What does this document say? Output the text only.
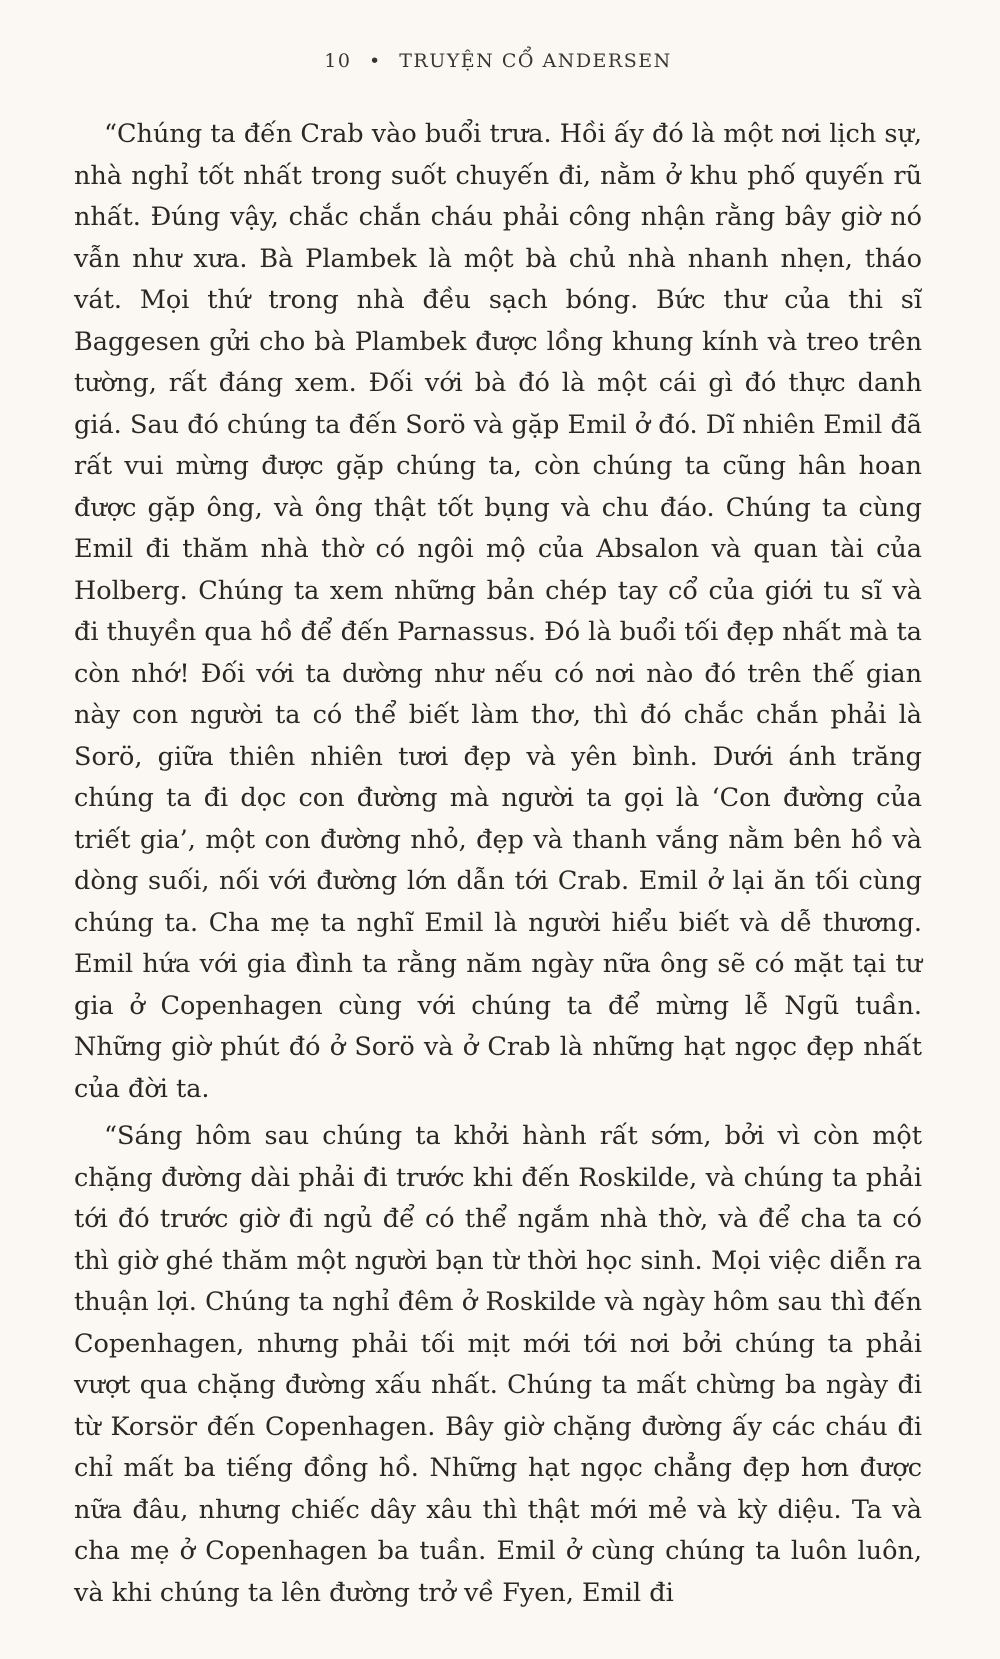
10 • TRUYỆN CỔ ANDERSEN

“Chúng ta đến Crab vào buổi trưa. Hồi ấy đó là một nơi lịch sự, nhà nghỉ tốt nhất trong suốt chuyến đi, nằm ở khu phố quyến rũ nhất. Đúng vậy, chắc chắn cháu phải công nhận rằng bây giờ nó vẫn như xưa. Bà Plambek là một bà chủ nhà nhanh nhẹn, tháo vát. Mọi thứ trong nhà đều sạch bóng. Bức thư của thi sĩ Baggesen gửi cho bà Plambek được lồng khung kính và treo trên tường, rất đáng xem. Đối với bà đó là một cái gì đó thực danh giá. Sau đó chúng ta đến Sorö và gặp Emil ở đó. Dĩ nhiên Emil đã rất vui mừng được gặp chúng ta, còn chúng ta cũng hân hoan được gặp ông, và ông thật tốt bụng và chu đáo. Chúng ta cùng Emil đi thăm nhà thờ có ngôi mộ của Absalon và quan tài của Holberg. Chúng ta xem những bản chép tay cổ của giới tu sĩ và đi thuyền qua hồ để đến Parnassus. Đó là buổi tối đẹp nhất mà ta còn nhớ! Đối với ta dường như nếu có nơi nào đó trên thế gian này con người ta có thể biết làm thơ, thì đó chắc chắn phải là Sorö, giữa thiên nhiên tươi đẹp và yên bình. Dưới ánh trăng chúng ta đi dọc con đường mà người ta gọi là ‘Con đường của triết gia’, một con đường nhỏ, đẹp và thanh vắng nằm bên hồ và dòng suối, nối với đường lớn dẫn tới Crab. Emil ở lại ăn tối cùng chúng ta. Cha mẹ ta nghĩ Emil là người hiểu biết và dễ thương. Emil hứa với gia đình ta rằng năm ngày nữa ông sẽ có mặt tại tư gia ở Copenhagen cùng với chúng ta để mừng lễ Ngũ tuần. Những giờ phút đó ở Sorö và ở Crab là những hạt ngọc đẹp nhất của đời ta.

“Sáng hôm sau chúng ta khởi hành rất sớm, bởi vì còn một chặng đường dài phải đi trước khi đến Roskilde, và chúng ta phải tới đó trước giờ đi ngủ để có thể ngắm nhà thờ, và để cha ta có thì giờ ghé thăm một người bạn từ thời học sinh. Mọi việc diễn ra thuận lợi. Chúng ta nghỉ đêm ở Roskilde và ngày hôm sau thì đến Copenhagen, nhưng phải tối mịt mới tới nơi bởi chúng ta phải vượt qua chặng đường xấu nhất. Chúng ta mất chừng ba ngày đi từ Korsör đến Copenhagen. Bây giờ chặng đường ấy các cháu đi chỉ mất ba tiếng đồng hồ. Những hạt ngọc chẳng đẹp hơn được nữa đâu, nhưng chiếc dây xâu thì thật mới mẻ và kỳ diệu. Ta và cha mẹ ở Copenhagen ba tuần. Emil ở cùng chúng ta luôn luôn, và khi chúng ta lên đường trở về Fyen, Emil đi
